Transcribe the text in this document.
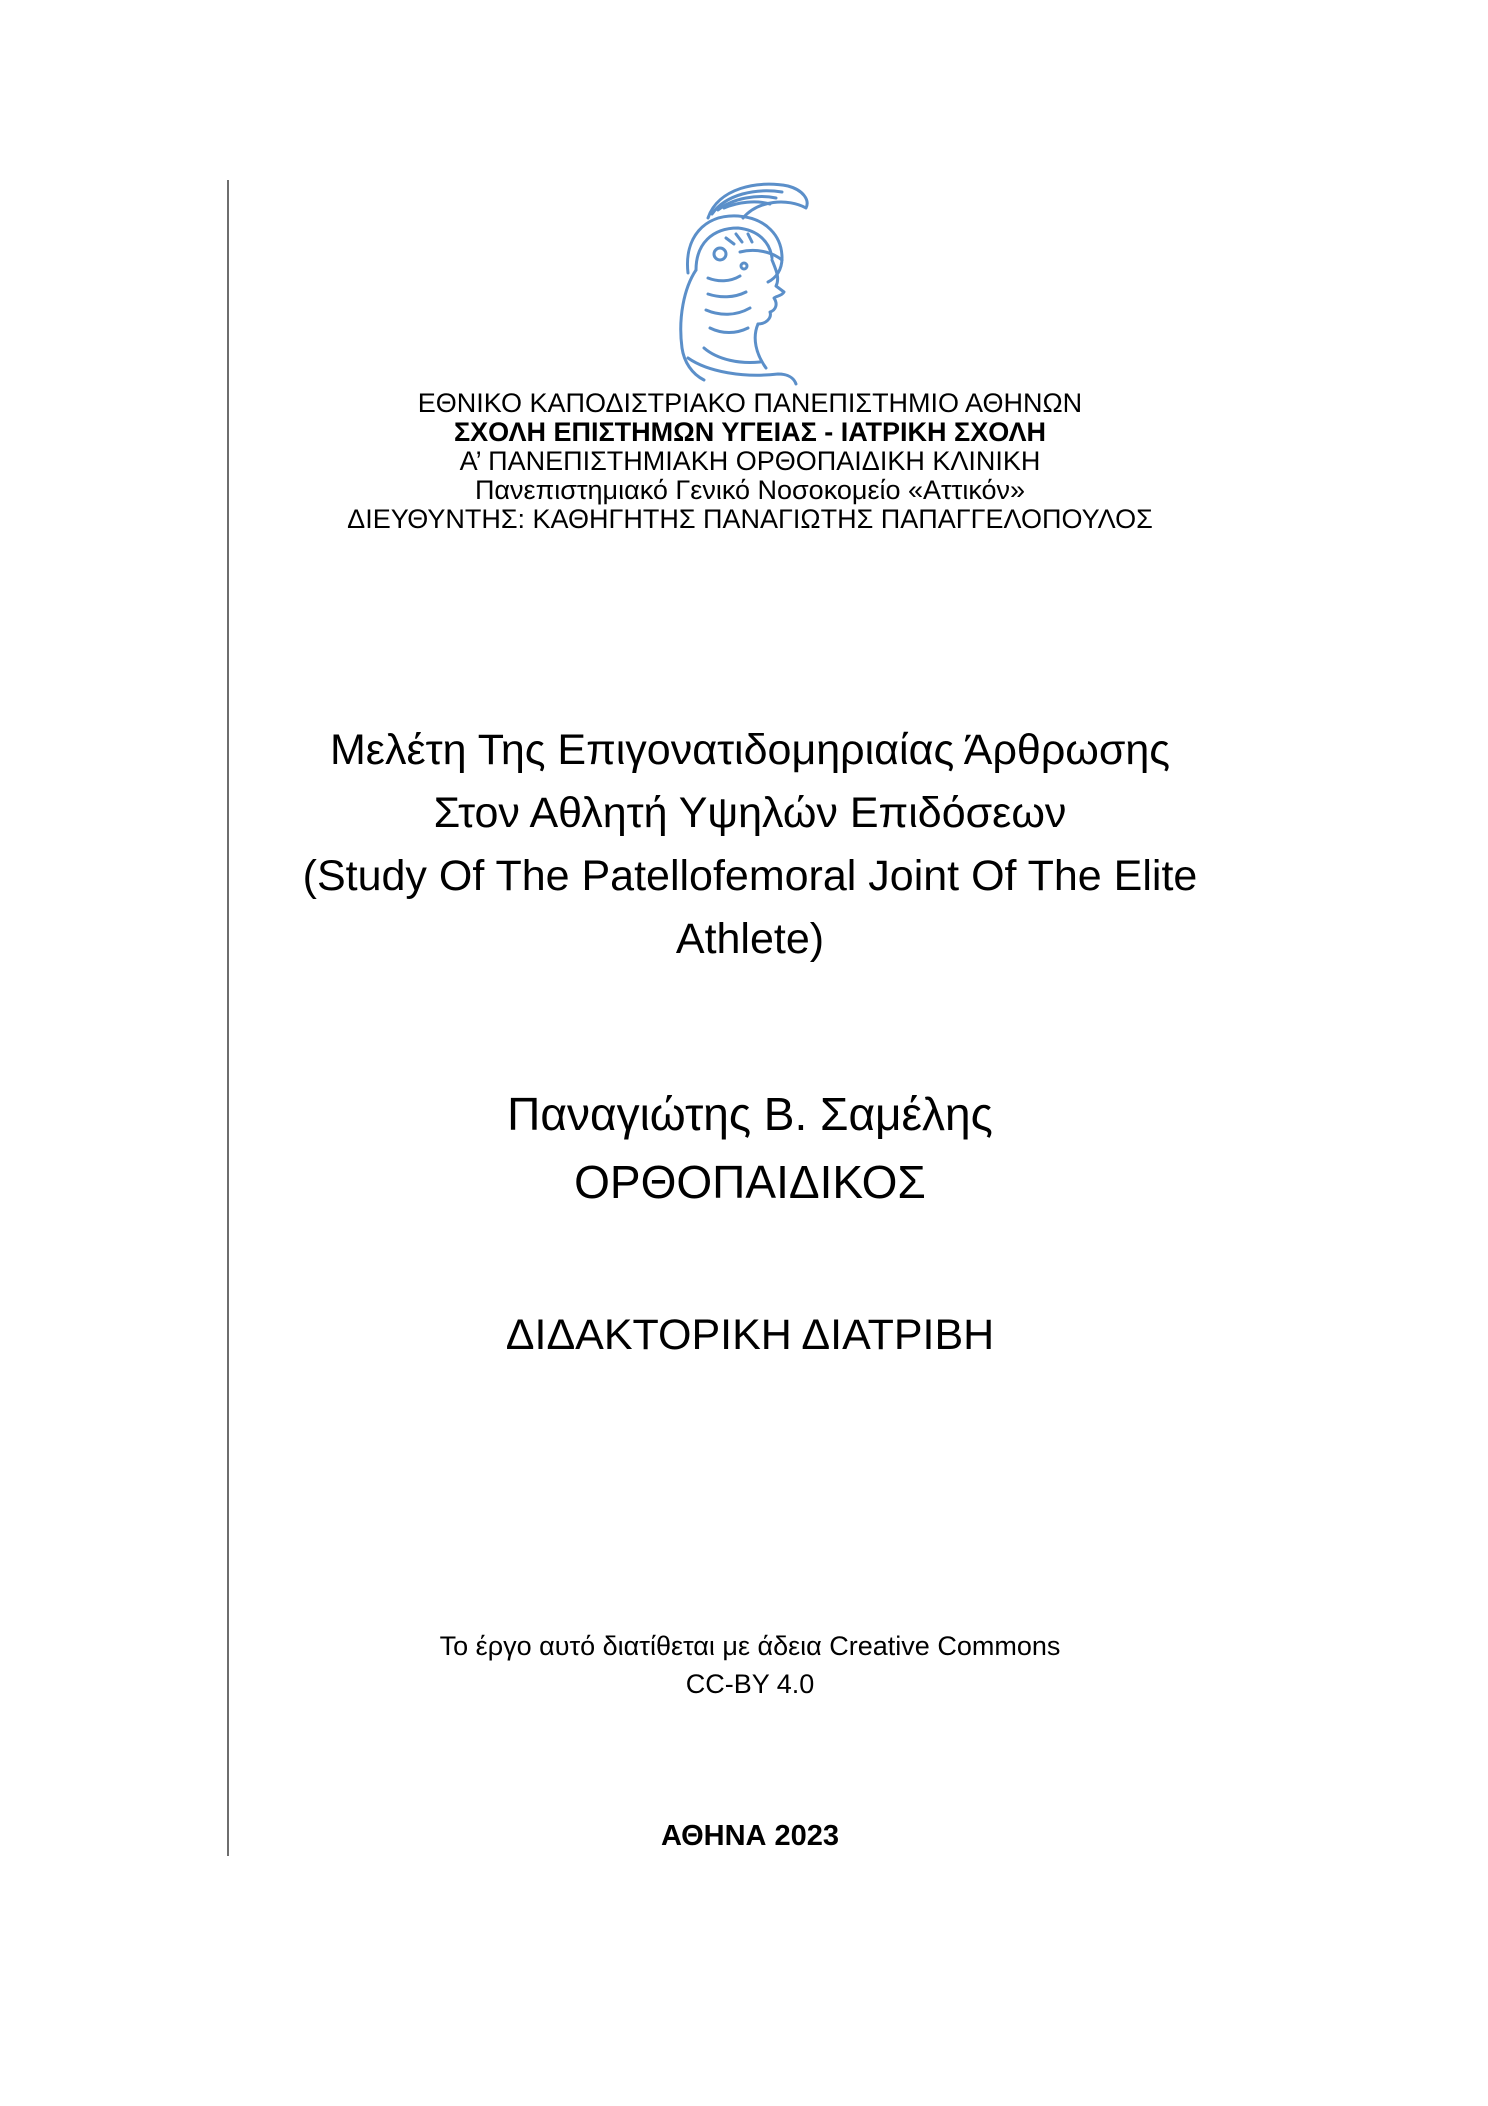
ΕΘΝΙΚΟ ΚΑΠΟΔΙΣΤΡΙΑΚΟ ΠΑΝΕΠΙΣΤΗΜΙΟ ΑΘΗΝΩΝ
ΣΧΟΛΗ ΕΠΙΣΤΗΜΩΝ ΥΓΕΙΑΣ - ΙΑΤΡΙΚΗ ΣΧΟΛΗ
Α’ ΠΑΝΕΠΙΣΤΗΜΙΑΚΗ ΟΡΘΟΠΑΙΔΙΚΗ ΚΛΙΝΙΚΗ
Πανεπιστημιακό Γενικό Νοσοκομείο «Αττικόν»
ΔΙΕΥΘΥΝΤΗΣ: ΚΑΘΗΓΗΤΗΣ ΠΑΝΑΓΙΩΤΗΣ ΠΑΠΑΓΓΕΛΟΠΟΥΛΟΣ
Μελέτη Της Επιγονατιδομηριαίας Άρθρωσης
Στον Αθλητή Υψηλών Επιδόσεων
(Study Of The Patellofemoral Joint Of The Elite
Athlete)
Παναγιώτης Β. Σαμέλης
ΟΡΘΟΠΑΙΔΙΚΟΣ
ΔΙΔΑΚΤΟΡΙΚΗ ΔΙΑΤΡΙΒΗ
Το έργο αυτό διατίθεται με άδεια Creative Commons
CC-BY 4.0
ΑΘΗΝΑ 2023
